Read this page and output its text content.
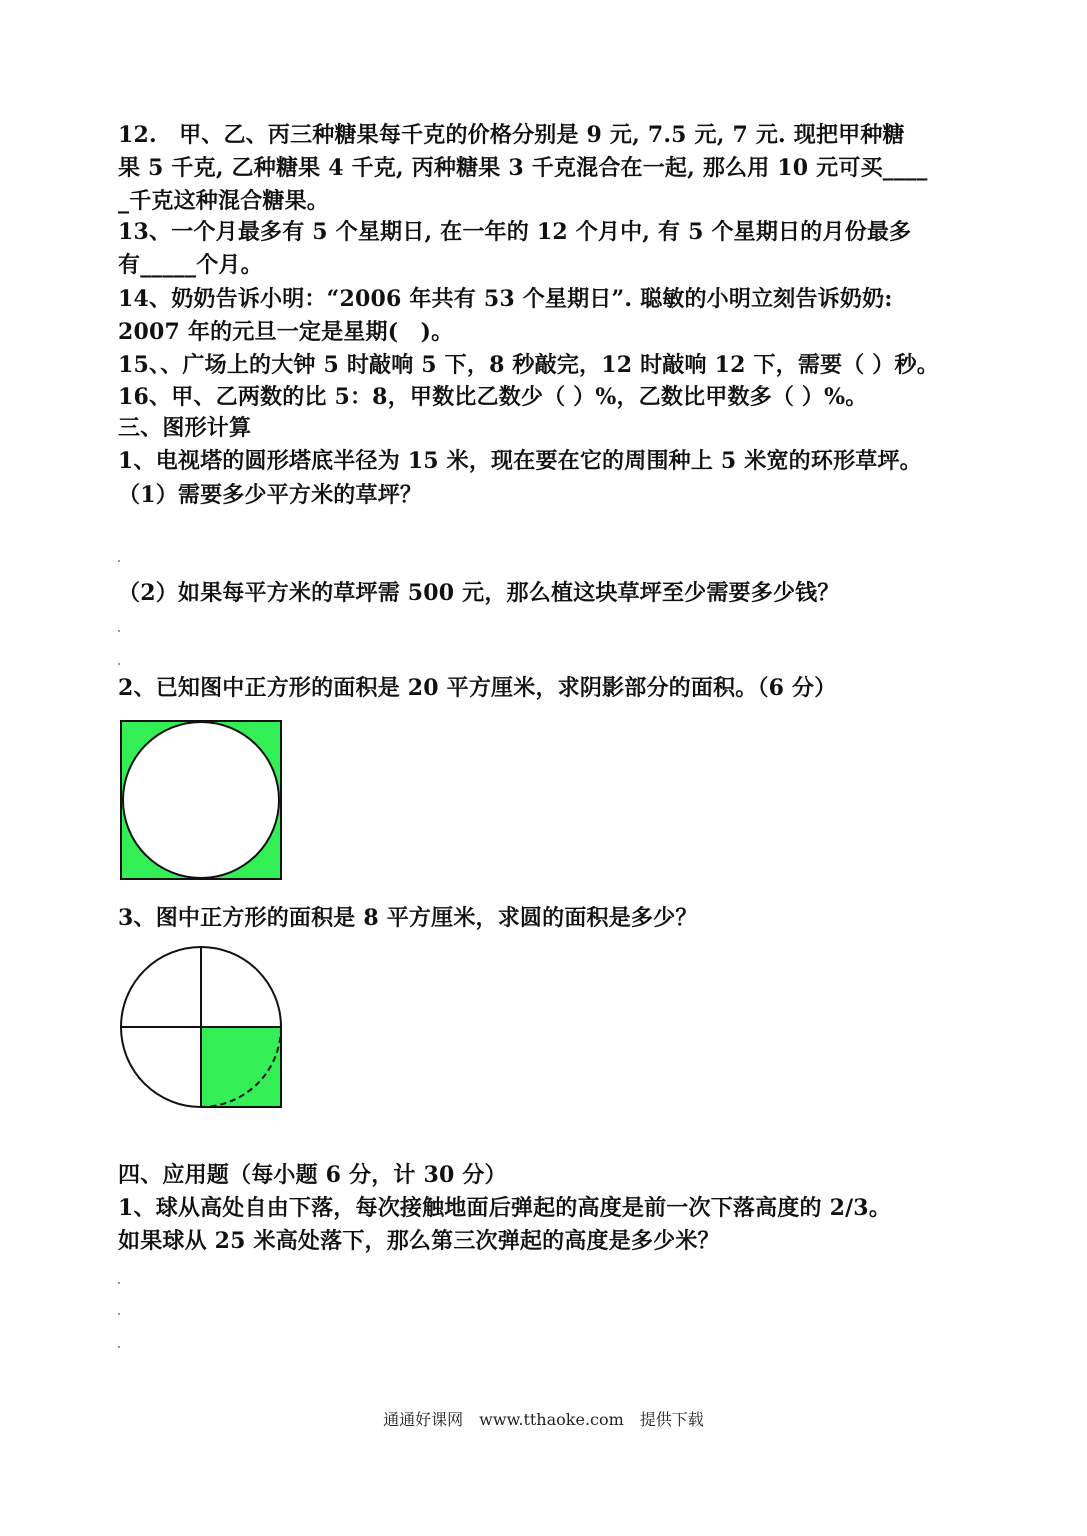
12.　甲、乙、丙三种糖果每千克的价格分别是 9 元, 7.5 元, 7 元. 现把甲种糖
果 5 千克, 乙种糖果 4 千克, 丙种糖果 3 千克混合在一起, 那么用 10 元可买____
_千克这种混合糖果。
13、一个月最多有 5 个星期日, 在一年的 12 个月中, 有 5 个星期日的月份最多
有_____个月。
14、奶奶告诉小明：“2006 年共有 53 个星期日”. 聪敏的小明立刻告诉奶奶:
2007 年的元旦一定是星期(　)。
15、、广场上的大钟 5 时敲响 5 下，8 秒敲完，12 时敲响 12 下，需要（ ）秒。
16、甲、乙两数的比 5：8，甲数比乙数少（ ）%，乙数比甲数多（ ）%。
三、图形计算
1、电视塔的圆形塔底半径为 15 米，现在要在它的周围种上 5 米宽的环形草坪。
（1）需要多少平方米的草坪？
（2）如果每平方米的草坪需 500 元，那么植这块草坪至少需要多少钱？
2、已知图中正方形的面积是 20 平方厘米，求阴影部分的面积。（6 分）
3、图中正方形的面积是 8 平方厘米，求圆的面积是多少？
四、应用题（每小题 6 分，计 30 分）
1、球从高处自由下落，每次接触地面后弹起的高度是前一次下落高度的 2/3。
如果球从 25 米高处落下，那么第三次弹起的高度是多少米？
通通好课网　www.tthaoke.com　提供下载
